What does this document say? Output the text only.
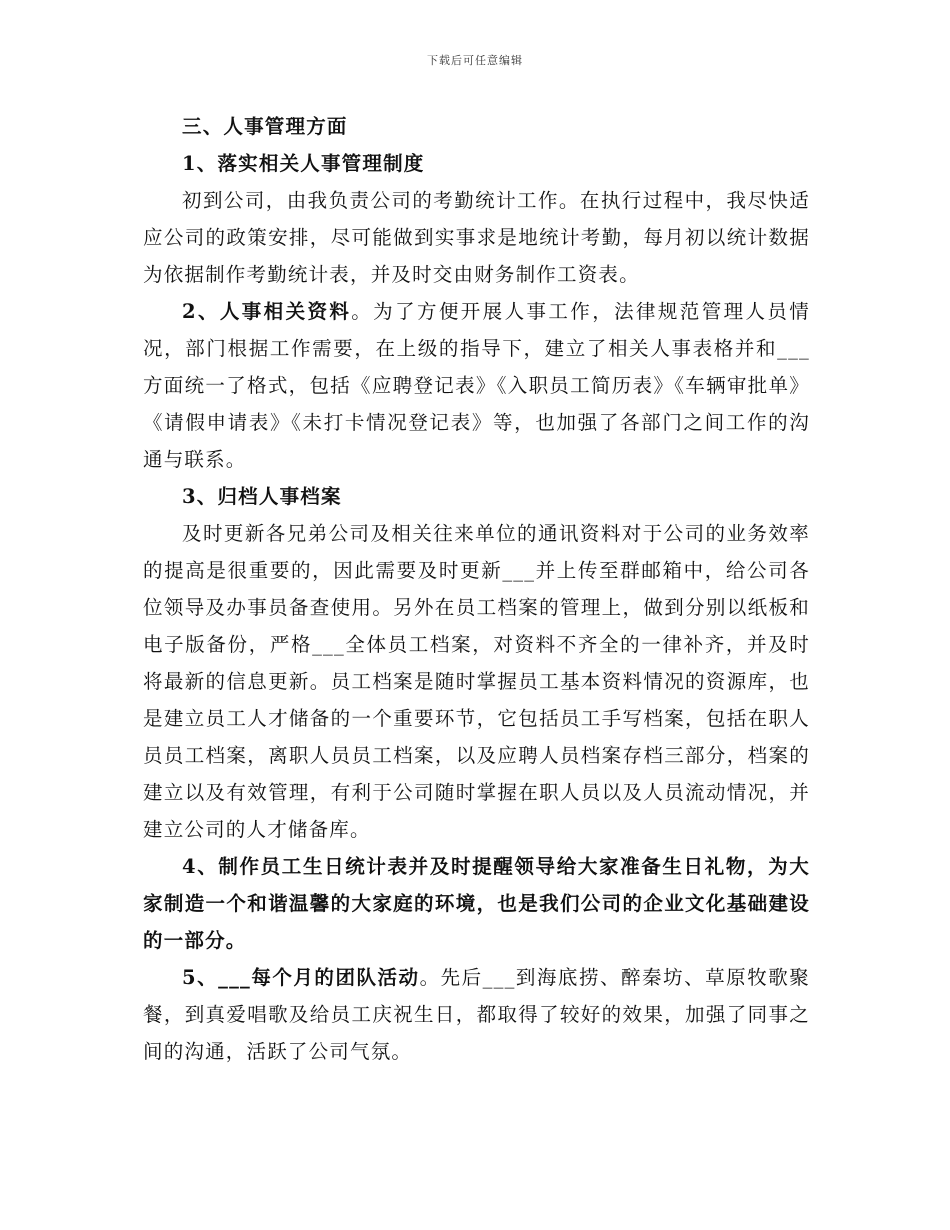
下载后可任意编辑

三、人事管理方面

1、落实相关人事管理制度

初到公司，由我负责公司的考勤统计工作。在执行过程中，我尽快适应公司的政策安排，尽可能做到实事求是地统计考勤，每月初以统计数据为依据制作考勤统计表，并及时交由财务制作工资表。

2、人事相关资料。为了方便开展人事工作，法律规范管理人员情况，部门根据工作需要，在上级的指导下，建立了相关人事表格并和___方面统一了格式，包括《应聘登记表》《入职员工简历表》《车辆审批单》《请假申请表》《未打卡情况登记表》等，也加强了各部门之间工作的沟通与联系。

3、归档人事档案

及时更新各兄弟公司及相关往来单位的通讯资料对于公司的业务效率的提高是很重要的，因此需要及时更新___并上传至群邮箱中，给公司各位领导及办事员备查使用。另外在员工档案的管理上，做到分别以纸板和电子版备份，严格___全体员工档案，对资料不齐全的一律补齐，并及时将最新的信息更新。员工档案是随时掌握员工基本资料情况的资源库，也是建立员工人才储备的一个重要环节，它包括员工手写档案，包括在职人员员工档案，离职人员员工档案，以及应聘人员档案存档三部分，档案的建立以及有效管理，有利于公司随时掌握在职人员以及人员流动情况，并建立公司的人才储备库。

4、制作员工生日统计表并及时提醒领导给大家准备生日礼物，为大家制造一个和谐温馨的大家庭的环境，也是我们公司的企业文化基础建设的一部分。

5、___每个月的团队活动。先后___到海底捞、醉秦坊、草原牧歌聚餐，到真爱唱歌及给员工庆祝生日，都取得了较好的效果，加强了同事之间的沟通，活跃了公司气氛。
